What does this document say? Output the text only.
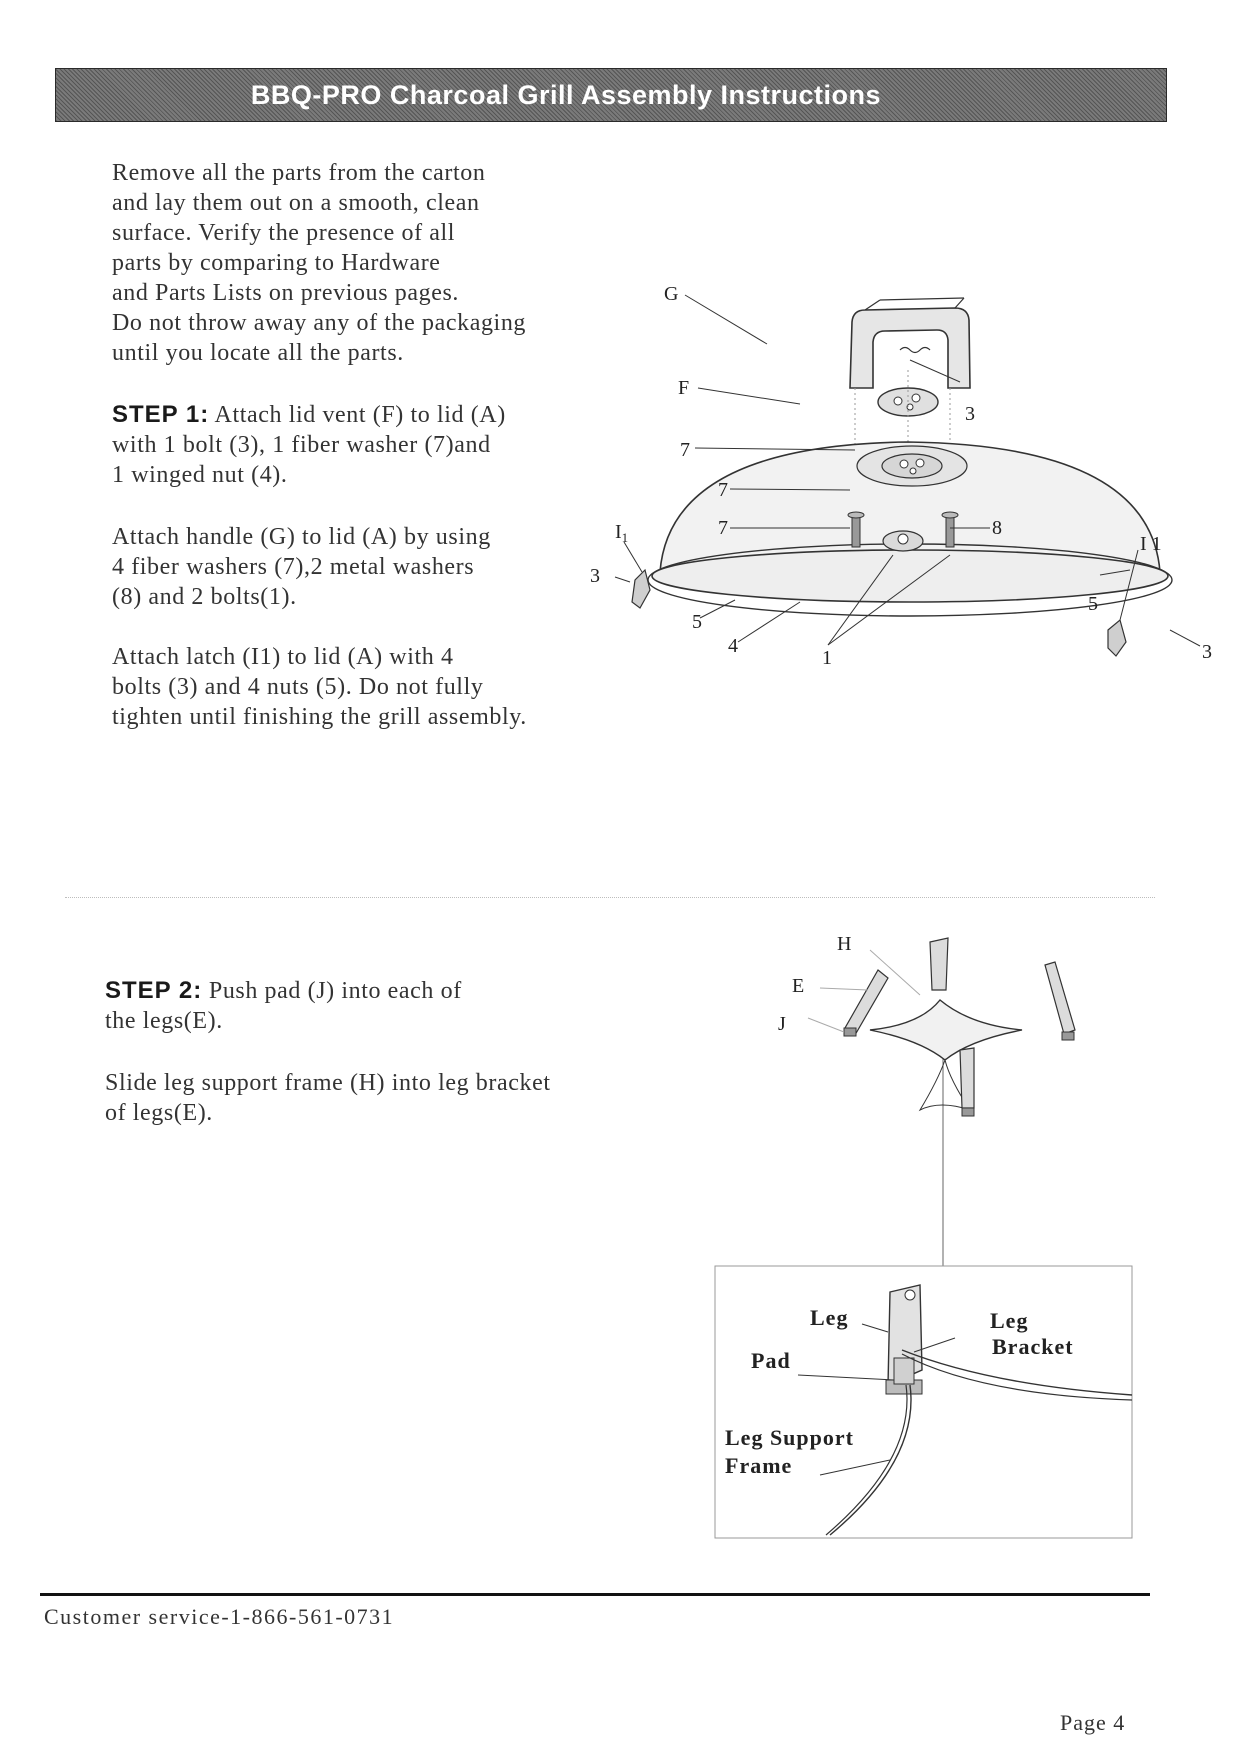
BBQ-PRO Charcoal Grill Assembly Instructions

Remove all the parts from the carton

and lay them out on a smooth, clean

surface. Verify the presence of all

parts by comparing to Hardware

and Parts Lists on previous pages.

Do not throw away any of the packaging

until you locate all the parts.

STEP 1: Attach lid vent (F) to lid (A)

with 1 bolt (3), 1 fiber washer (7)and

1 winged nut (4).

Attach handle (G) to lid (A) by using

4 fiber washers (7),2 metal washers

(8) and 2 bolts(1).

Attach latch (I1) to lid (A) with 4

bolts (3) and 4 nuts (5). Do not fully

tighten until finishing the grill assembly.

G
F
7
3
$I_1$
7
7	8
I 1
3
5
5
4
1	3

STEP 2: Push pad (J) into each of

the legs(E).

Slide leg support frame (H) into leg bracket

of legs(E).

H
E
J
Leg
Pad
Leg
Bracket
Leg Support
Frame
Customer service-1-866-561-0731
Page 4
